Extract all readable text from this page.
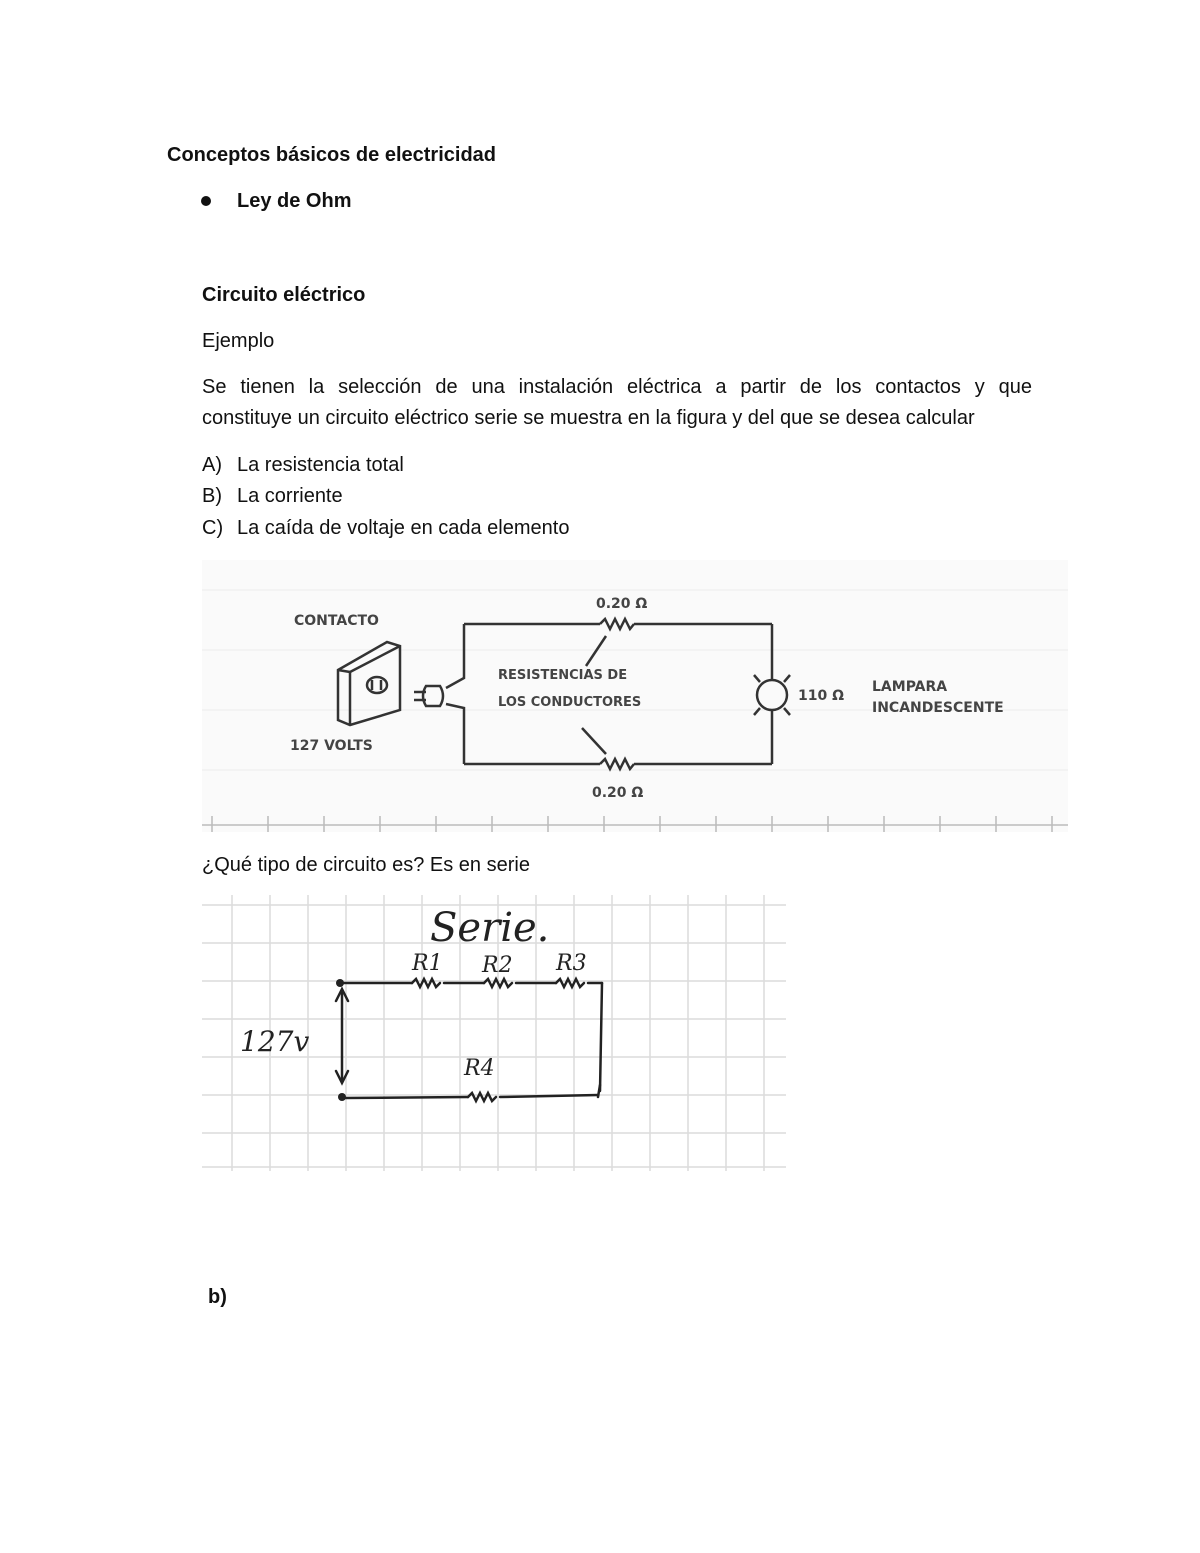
Conceptos básicos de electricidad
Ley de Ohm
Circuito eléctrico
Ejemplo
Se tienen la selección de una instalación eléctrica a partir de los contactos y que
constituye un circuito eléctrico serie se muestra en la figura y del que se desea calcular
A) La resistencia total
B) La corriente
C) La caída de voltaje en cada elemento
CONTACTO
127 VOLTS
0.20 Ω
0.20 Ω
RESISTENCIAS DE
LOS CONDUCTORES	110 Ω
LAMPARA
INCANDESCENTE
¿Qué tipo de circuito es? Es en serie
Serie.
R1 R2 R3
R4
127v
b)
